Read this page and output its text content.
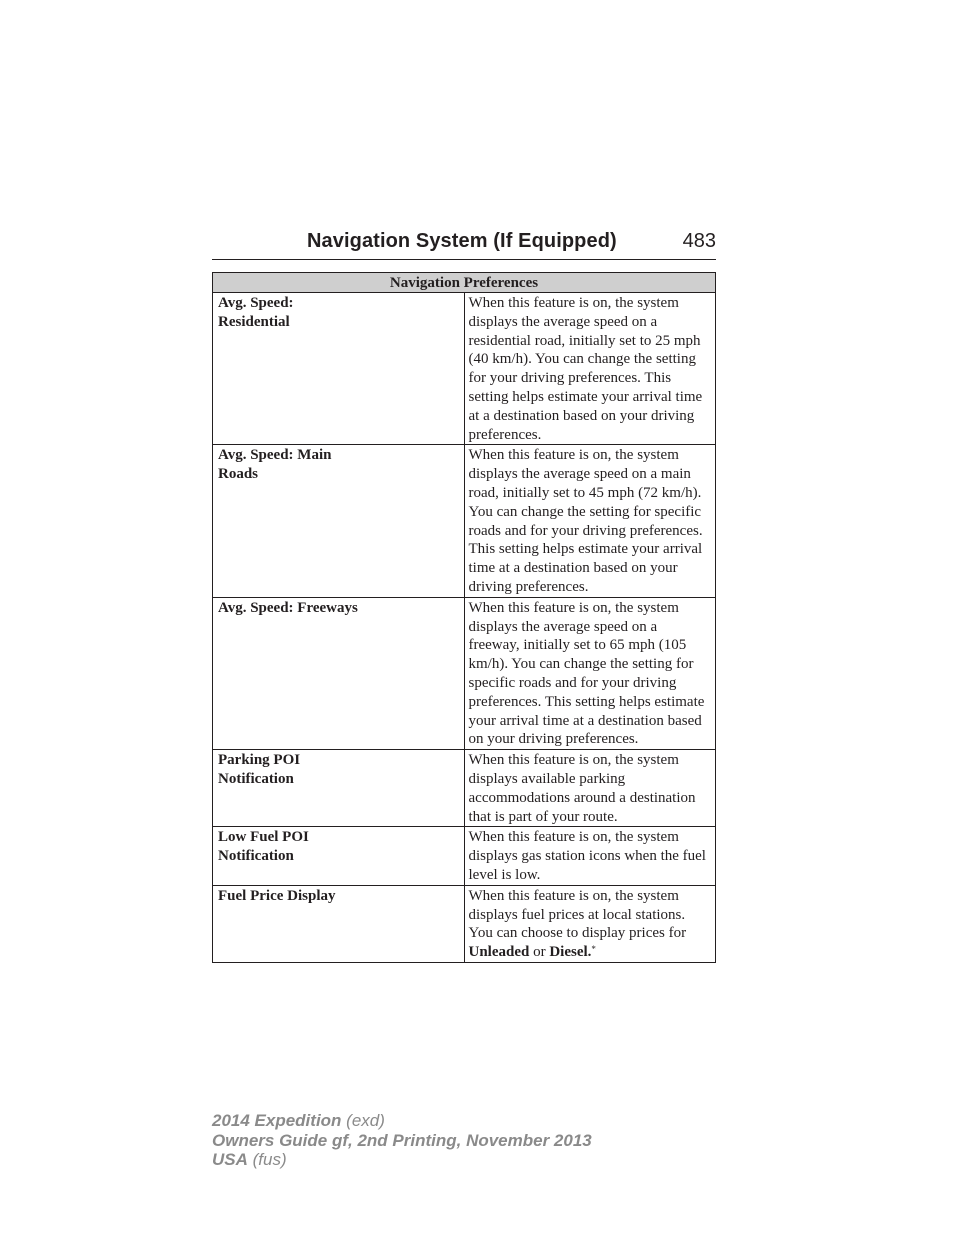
Navigation System (If Equipped)	483
Navigation Preferences	
Avg. Speed:
Residential	When this feature is on, the system displays the average speed on a residential road, initially set to 25 mph (40 km/h). You can change the setting for your driving preferences. This setting helps estimate your arrival time at a destination based on your driving preferences.
Avg. Speed: Main
Roads	When this feature is on, the system displays the average speed on a main road, initially set to 45 mph (72 km/h). You can change the setting for specific roads and for your driving preferences. This setting helps estimate your arrival time at a destination based on your driving preferences.
Avg. Speed: Freeways	When this feature is on, the system displays the average speed on a freeway, initially set to 65 mph (105 km/h). You can change the setting for specific roads and for your driving preferences. This setting helps estimate your arrival time at a destination based on your driving preferences.
Parking POI
Notification	When this feature is on, the system displays available parking accommodations around a destination that is part of your route.
Low Fuel POI
Notification	When this feature is on, the system displays gas station icons when the fuel level is low.
Fuel Price Display	When this feature is on, the system displays fuel prices at local stations. You can choose to display prices for Unleaded or Diesel.*
2014 Expedition (exd)
Owners Guide gf, 2nd Printing, November 2013
USA (fus)
